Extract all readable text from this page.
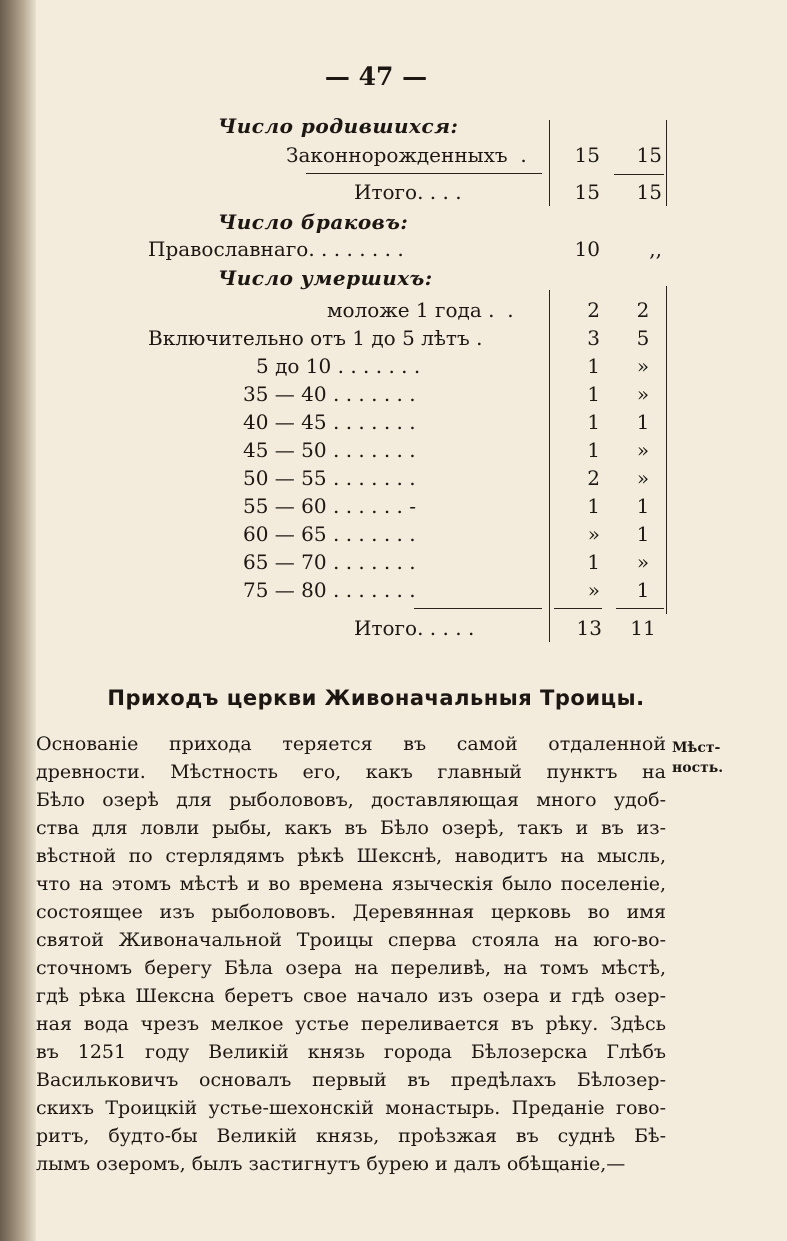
— 47 —
Число родившихся:
Законнорожденныхъ  .	15	15
Итого. . . .	15	15
Число браковъ:
Православнаго. . . . . . . .	10	,,
Число умершихъ:
моложе 1 года .  .	2	2
Включительно отъ 1 до 5 лѣтъ .	3	5
5 до 10 . . . . . . .	1	»
35 — 40 . . . . . . .	1	»
40 — 45 . . . . . . .	1	1
45 — 50 . . . . . . .	1	»
50 — 55 . . . . . . .	2	»
55 — 60 . . . . . . -	1	1
60 — 65 . . . . . . .	»	1
65 — 70 . . . . . . .	1	»
75 — 80 . . . . . . .	»	1
Итого. . . . .	13	11
Приходъ церкви Живоначальныя Троицы.
Мѣст-
ность.
Основаніе прихода теряется въ самой отдаленной
древности. Мѣстность его, какъ главный пунктъ на
Бѣло озерѣ для рыболововъ, доставляющая много удоб-
ства для ловли рыбы, какъ въ Бѣло озерѣ, такъ и въ из-
вѣстной по стерлядямъ рѣкѣ Шекснѣ, наводитъ на мысль,
что на этомъ мѣстѣ и во времена языческія было поселеніе,
состоящее изъ рыболововъ. Деревянная церковь во имя
святой Живоначальной Троицы сперва стояла на юго-во-
сточномъ берегу Бѣла озера на переливѣ, на томъ мѣстѣ,
гдѣ рѣка Шексна беретъ свое начало изъ озера и гдѣ озер-
ная вода чрезъ мелкое устье переливается въ рѣку. Здѣсь
въ 1251 году Великій князь города Бѣлозерска Глѣбъ
Васильковичъ основалъ первый въ предѣлахъ Бѣлозер-
скихъ Троицкій устье-шехонскій монастырь. Преданіе гово-
ритъ, будто-бы Великій князь, проѣзжая въ суднѣ Бѣ-
лымъ озеромъ, былъ застигнутъ бурею и далъ обѣщаніе,—
